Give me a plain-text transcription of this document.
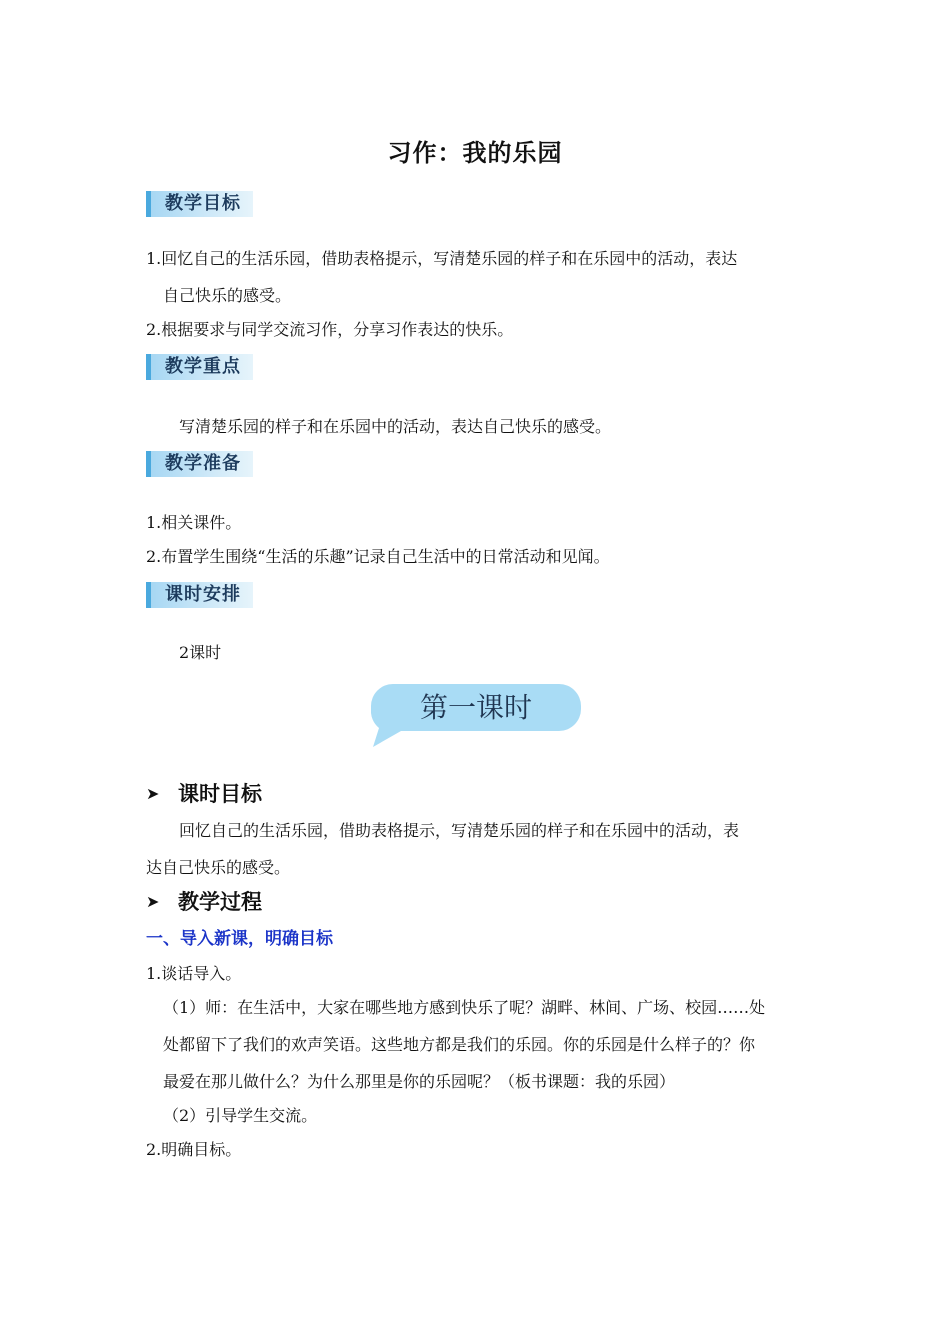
习作：我的乐园
教学目标
1.回忆自己的生活乐园，借助表格提示，写清楚乐园的样子和在乐园中的活动，表达
自己快乐的感受。
2.根据要求与同学交流习作，分享习作表达的快乐。
教学重点
写清楚乐园的样子和在乐园中的活动，表达自己快乐的感受。
教学准备
1.相关课件。
2.布置学生围绕“生活的乐趣”记录自己生活中的日常活动和见闻。
课时安排
2课时
第一课时
➤ 课时目标
回忆自己的生活乐园，借助表格提示，写清楚乐园的样子和在乐园中的活动，表
达自己快乐的感受。
➤ 教学过程
一、导入新课，明确目标
1.谈话导入。
（1）师：在生活中，大家在哪些地方感到快乐了呢？湖畔、林间、广场、校园……处
处都留下了我们的欢声笑语。这些地方都是我们的乐园。你的乐园是什么样子的？你
最爱在那儿做什么？为什么那里是你的乐园呢？（板书课题：我的乐园）
（2）引导学生交流。
2.明确目标。
